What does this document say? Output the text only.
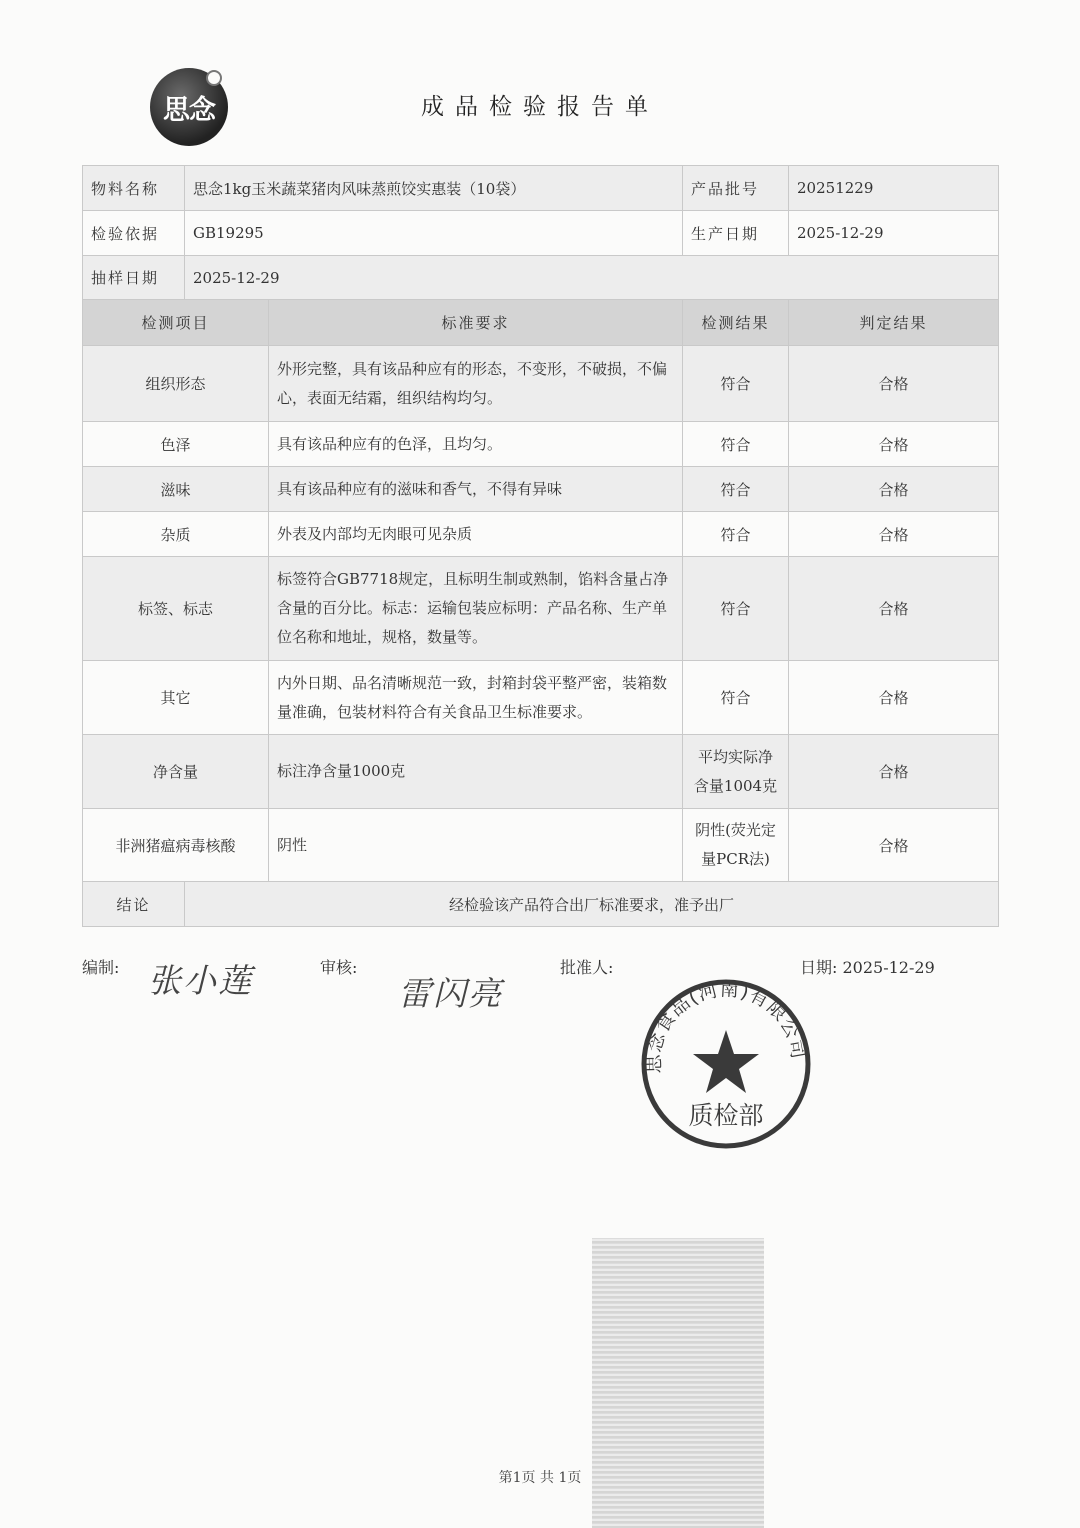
思念	成品检验报告单
物料名称	思念1kg玉米蔬菜猪肉风味蒸煎饺实惠装（10袋）		产品批号	20251229
检验依据	GB19295		生产日期	2025-12-29
抽样日期	2025-12-29			
检测项目		标准要求	检测结果	判定结果
组织形态		外形完整，具有该品种应有的形态，不变形，不破损，不偏心，表面无结霜，组织结构均匀。	符合	合格
色泽		具有该品种应有的色泽，且均匀。	符合	合格
滋味		具有该品种应有的滋味和香气，不得有异味	符合	合格
杂质		外表及内部均无肉眼可见杂质	符合	合格
标签、标志		标签符合GB7718规定，且标明生制或熟制，馅料含量占净含量的百分比。标志：运输包装应标明：产品名称、生产单位名称和地址，规格，数量等。	符合	合格
其它		内外日期、品名清晰规范一致，封箱封袋平整严密，装箱数量准确，包装材料符合有关食品卫生标准要求。	符合	合格
净含量		标注净含量1000克	平均实际净含量1004克	合格
非洲猪瘟病毒核酸		阴性	阴性(荧光定量PCR法)	合格
结论	经检验该产品符合出厂标准要求，准予出厂			
编制: 张小莲	审核:
雷闪亮
批准人:	日期: 2025-12-29
思念食品(河南)有限公司
质检部
第1页 共 1页
